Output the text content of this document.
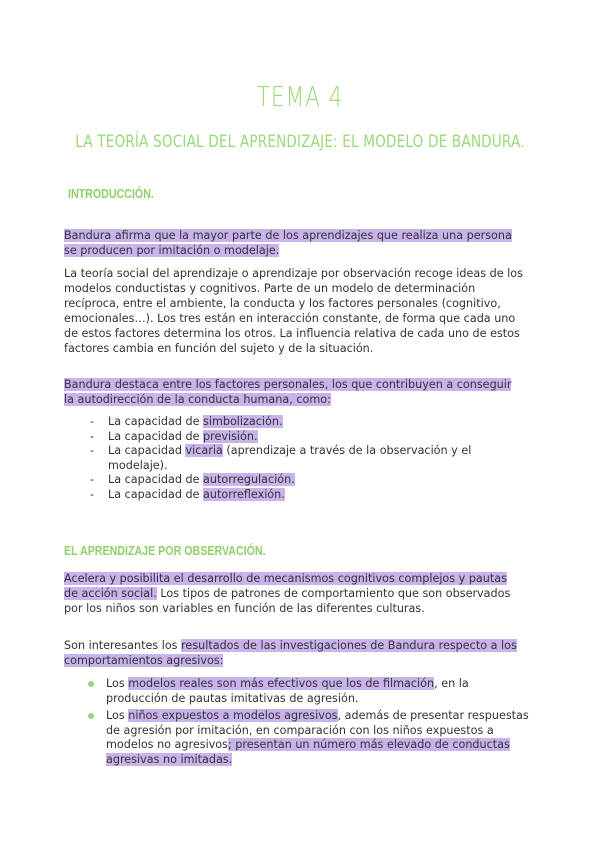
TEMA 4
LA TEORÍA SOCIAL DEL APRENDIZAJE: EL MODELO DE BANDURA.
INTRODUCCIÓN.
Bandura afirma que la mayor parte de los aprendizajes que realiza una persona se producen por imitación o modelaje.
La teoría social del aprendizaje o aprendizaje por observación recoge ideas de los modelos conductistas y cognitivos. Parte de un modelo de determinación recíproca, entre el ambiente, la conducta y los factores personales (cognitivo, emocionales…). Los tres están en interacción constante, de forma que cada uno de estos factores determina los otros. La influencia relativa de cada uno de estos factores cambia en función del sujeto y de la situación.
Bandura destaca entre los factores personales, los que contribuyen a conseguir la autodirección de la conducta humana, como:
- La capacidad de simbolización.
- La capacidad de previsión.
- La capacidad vicaria (aprendizaje a través de la observación y el modelaje).
- La capacidad de autorregulación.
- La capacidad de autorreflexión.
EL APRENDIZAJE POR OBSERVACIÓN.
Acelera y posibilita el desarrollo de mecanismos cognitivos complejos y pautas de acción social. Los tipos de patrones de comportamiento que son observados por los niños son variables en función de las diferentes culturas.
Son interesantes los resultados de las investigaciones de Bandura respecto a los comportamientos agresivos:
Los modelos reales son más efectivos que los de filmación, en la producción de pautas imitativas de agresión.
Los niños expuestos a modelos agresivos, además de presentar respuestas de agresión por imitación, en comparación con los niños expuestos a modelos no agresivos; presentan un número más elevado de conductas agresivas no imitadas.
